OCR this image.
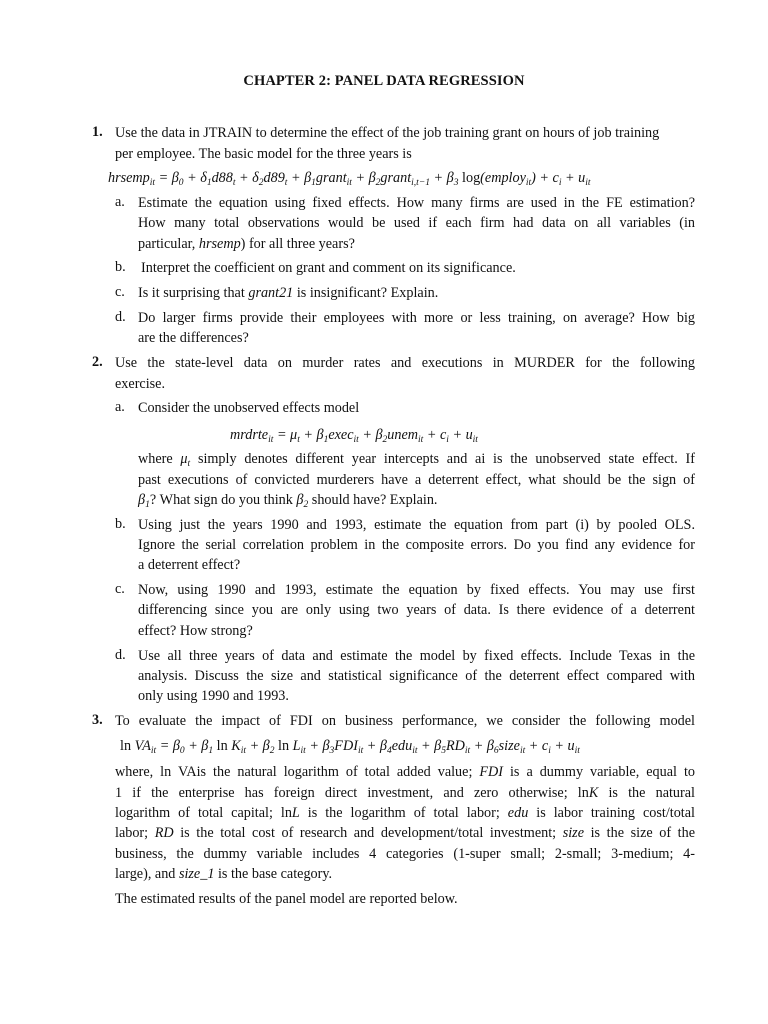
CHAPTER 2: PANEL DATA REGRESSION
1. Use the data in JTRAIN to determine the effect of the job training grant on hours of job training
per employee. The basic model for the three years is
hrsemp$_{it}$ = $\beta_0 + \delta_1d88_t + \delta_2d89_t$ + $\beta_1grant_{it}$ + $\beta_2grant_{i,t-1} + \beta_3$ log(employ$_{it}$) + $c_i + u_{it}$
a. Estimate the equation using fixed effects. How many firms are used in the FE estimation?
How many total observations would be used if each firm had data on all variables (in
particular, hrsemp) for all three years?
b. Interpret the coefficient on grant and comment on its significance.
c. Is it surprising that grant21 is insignificant? Explain.
d. Do larger firms provide their employees with more or less training, on average? How big
are the differences?
2. Use the state-level data on murder rates and executions in MURDER for the following
exercise.
a. Consider the unobserved effects model
mrdrte$_{it}$ = $\mu_t$ + $\beta_1exec_{it}$ + $\beta_2unem_{it} + c_i + u_{it}$
where $\mu_t$ simply denotes different year intercepts and ai is the unobserved state effect. If
past executions of convicted murderers have a deterrent effect, what should be the sign of
$\beta_1$? What sign do you think $\beta_2$ should have? Explain.
b. Using just the years 1990 and 1993, estimate the equation from part (i) by pooled OLS.
Ignore the serial correlation problem in the composite errors. Do you find any evidence for
a deterrent effect?
c. Now, using 1990 and 1993, estimate the equation by fixed effects. You may use first
differencing since you are only using two years of data. Is there evidence of a deterrent
effect? How strong?
d. Use all three years of data and estimate the model by fixed effects. Include Texas in the
analysis. Discuss the size and statistical significance of the deterrent effect compared with
only using 1990 and 1993.
3. To evaluate the impact of FDI on business performance, we consider the following model
$\ln VA_{it} = \beta_0 + \beta_1$ $\ln K_{it} + \beta_2$ $\ln L_{it} + \beta_3FDI_{it} + \beta_4edu_{it} + \beta_5RD_{it}$ + $\beta_6size_{it} + c_i + u_{it}$
where, ln VAis the natural logarithm of total added value; FDI is a dummy variable, equal to
1 if the enterprise has foreign direct investment, and zero otherwise; lnK is the natural
logarithm of total capital; lnL is the logarithm of total labor; edu is labor training cost/total
labor; RD is the total cost of research and development/total investment; size is the size of the
business, the dummy variable includes 4 categories (1-super small; 2-small; 3-medium; 4-
large), and size_1 is the base category.
The estimated results of the panel model are reported below.
